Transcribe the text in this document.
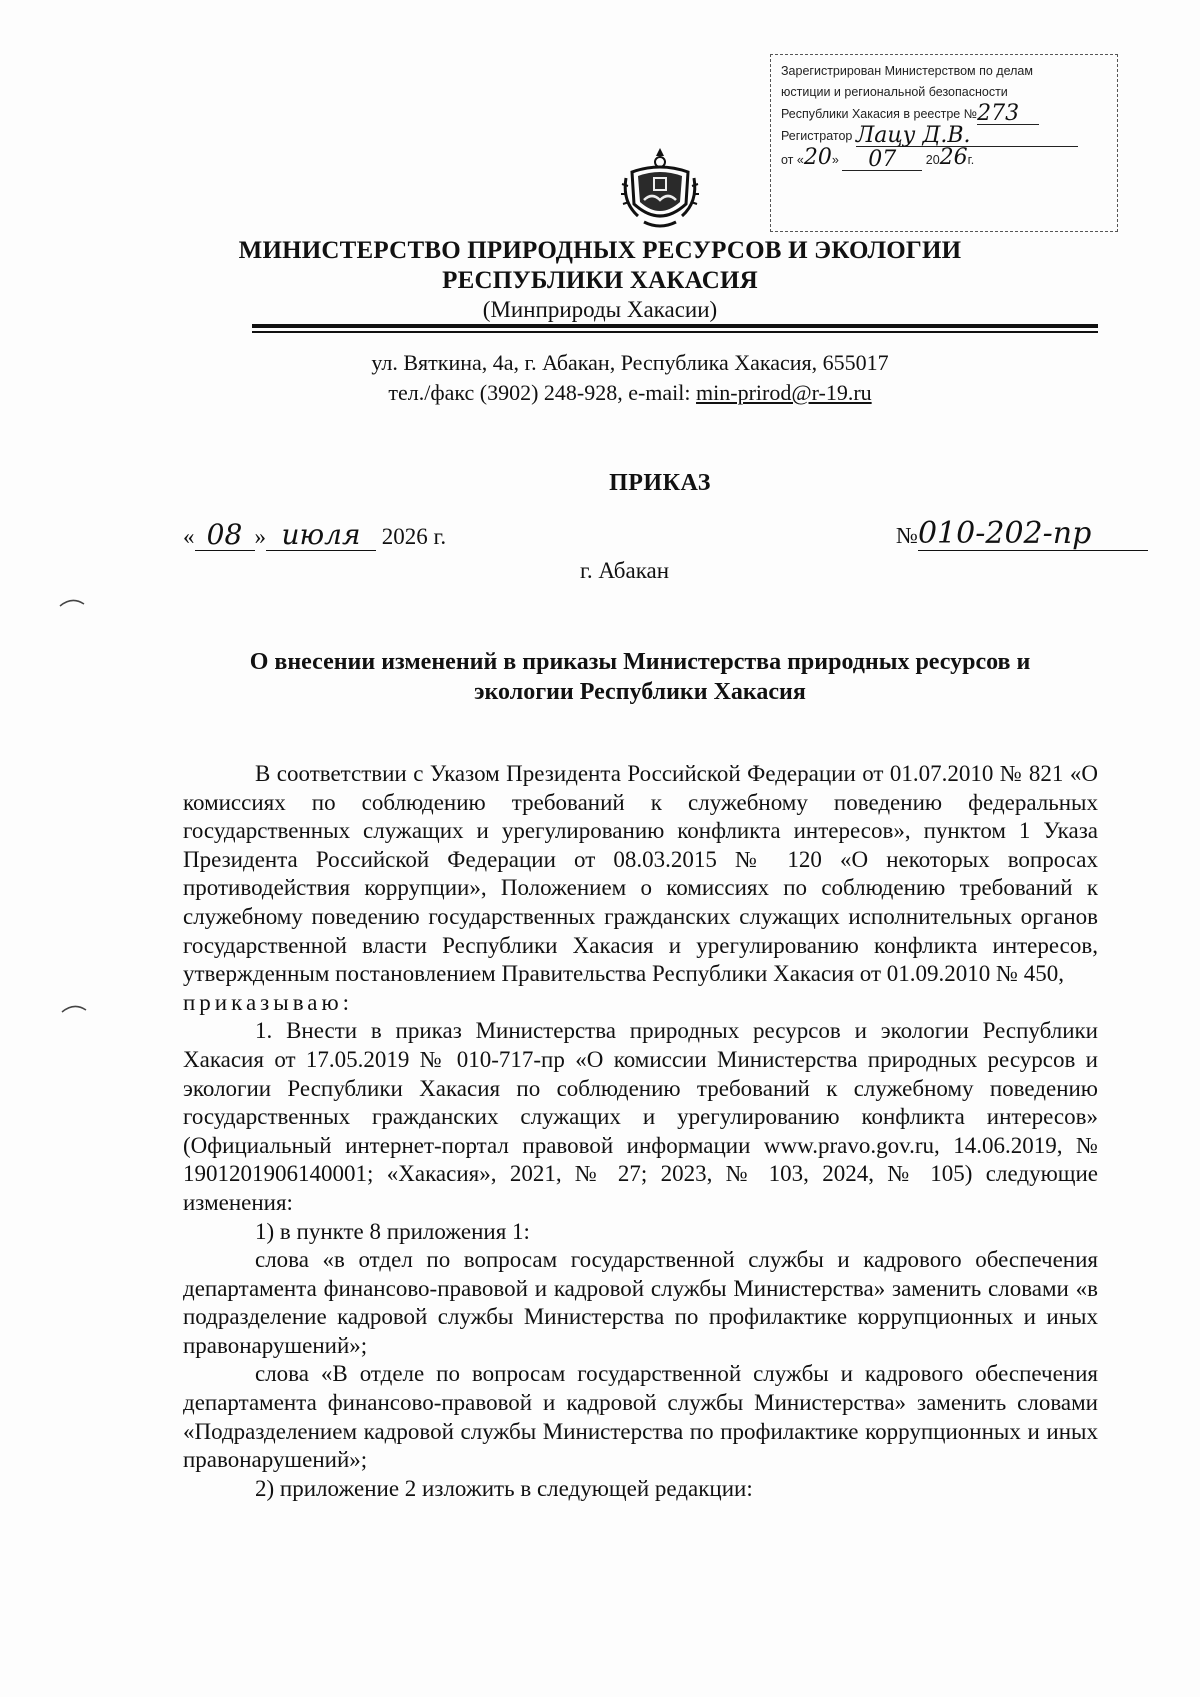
Зарегистрирован Министерством по делам
юстиции и региональной безопасности
Республики Хакасия в реестре №273
Регистратор Лацу Д.В.
от «20» 07 2026г.
МИНИСТЕРСТВО ПРИРОДНЫХ РЕСУРСОВ И ЭКОЛОГИИ
РЕСПУБЛИКИ ХАКАСИЯ
(Минприроды Хакасии)
ул. Вяткина, 4а, г. Абакан, Республика Хакасия, 655017
тел./факс (3902) 248-928, e-mail: min-prirod@r-19.ru
ПРИКАЗ
« 08 » июля 2026 г.	№010-202-пр
г. Абакан
О внесении изменений в приказы Министерства природных ресурсов и
экологии Республики Хакасия

В соответствии с Указом Президента Российской Федерации от 01.07.2010 № 821 «О комиссиях по соблюдению требований к служебному поведению федеральных государственных служащих и урегулированию конфликта интересов», пунктом 1 Указа Президента Российской Федерации от 08.03.2015 № 120 «О некоторых вопросах противодействия коррупции», Положением о комиссиях по соблюдению требований к служебному поведению государственных гражданских служащих исполнительных органов государственной власти Республики Хакасия и урегулированию конфликта интересов, утвержденным постановлением Правительства Республики Хакасия от 01.09.2010 № 450,

приказываю:

1. Внести в приказ Министерства природных ресурсов и экологии Республики Хакасия от 17.05.2019 № 010-717-пр «О комиссии Министерства природных ресурсов и экологии Республики Хакасия по соблюдению требований к служебному поведению государственных гражданских служащих и урегулированию конфликта интересов» (Официальный интернет-портал правовой информации www.pravo.gov.ru, 14.06.2019, № 1901201906140001; «Хакасия», 2021, № 27; 2023, № 103, 2024, № 105) следующие изменения:

1) в пункте 8 приложения 1:

слова «в отдел по вопросам государственной службы и кадрового обеспечения департамента финансово-правовой и кадровой службы Министерства» заменить словами «в подразделение кадровой службы Министерства по профилактике коррупционных и иных правонарушений»;

слова «В отделе по вопросам государственной службы и кадрового обеспечения департамента финансово-правовой и кадровой службы Министерства» заменить словами «Подразделением кадровой службы Министерства по профилактике коррупционных и иных правонарушений»;

2) приложение 2 изложить в следующей редакции:
